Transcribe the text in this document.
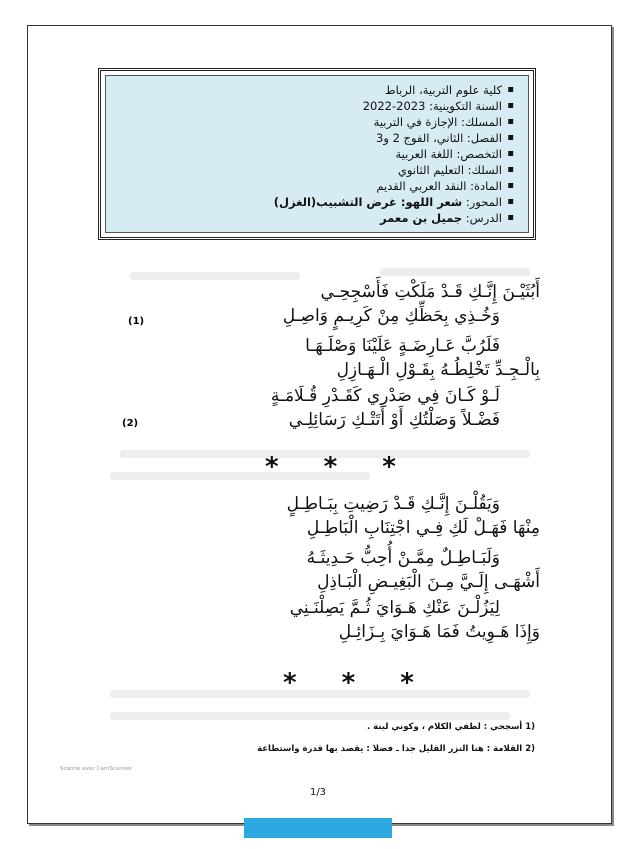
▪ كلية علوم التربية، الرباط
▪ السنة التكوينية: 2023-2022
▪ المسلك: الإجازة في التربية
▪ الفصل: الثاني، الفوج 2 و3
▪ التخصص: اللغة العربية
▪ السلك: التعليم الثانوي
▪ المادة: النقد العربي القديم
▪ المحور: شعر اللهو: غرض التشبيب(الغزل)
▪ الدرس: جميل بن معمر
أَبُثَيْـنَ إِنَّـكِ قَـدْ مَلَكْتِ فَأَسْجِحِـي
وَخُـذِي بِحَظِّكِ مِنْ كَرِيـمٍ وَاصِـلِ
فَلَرُبَّ عَـارِضَـةٍ عَلَيْنَا وَصْلَـهَـا
بِالْـجِـدِّ تَخْلِطُـهُ بِقَـوْلِ الْـهَـازِلِ
لَـوْ كَـانَ فِي صَدْرِي كَقَـدْرِ قُـلَامَـةٍ
فَضْـلاً وَصَلْتُكِ أَوْ أَتَتْـكِ رَسَائِلِـي
(1)
(2)
* * *
وَيَقُلْـنَ إِنَّـكِ قَـدْ رَضِيتِ بِبَـاطِـلٍ
مِنْهَا فَهَـلْ لَكِ فِـي اجْتِنَابِ الْبَاطِـلِ
وَلَبَـاطِـلٌ مِمَّـنْ أُحِبُّ حَـدِيثَـهُ
أَشْهَـى إِلَـيَّ مِـنَ الْبَغِيـضِ الْبَـاذِلِ
لِيَزُلْـنَ عَنْكِ هَـوَايَ ثُـمَّ يَصِلْنَـنِي
وَإِذَا هَـوِيتُ فَمَا هَـوَايَ بِـزَائِـلِ
* * *
(1 أسجحي : لطفي الكلام ، وكوني لينة .
(2 القلامة : هنا النزر القليل جدا ـ فضلا : يقصد بها قدرة واستطاعة
Scanné avec CamScanner
1/3
